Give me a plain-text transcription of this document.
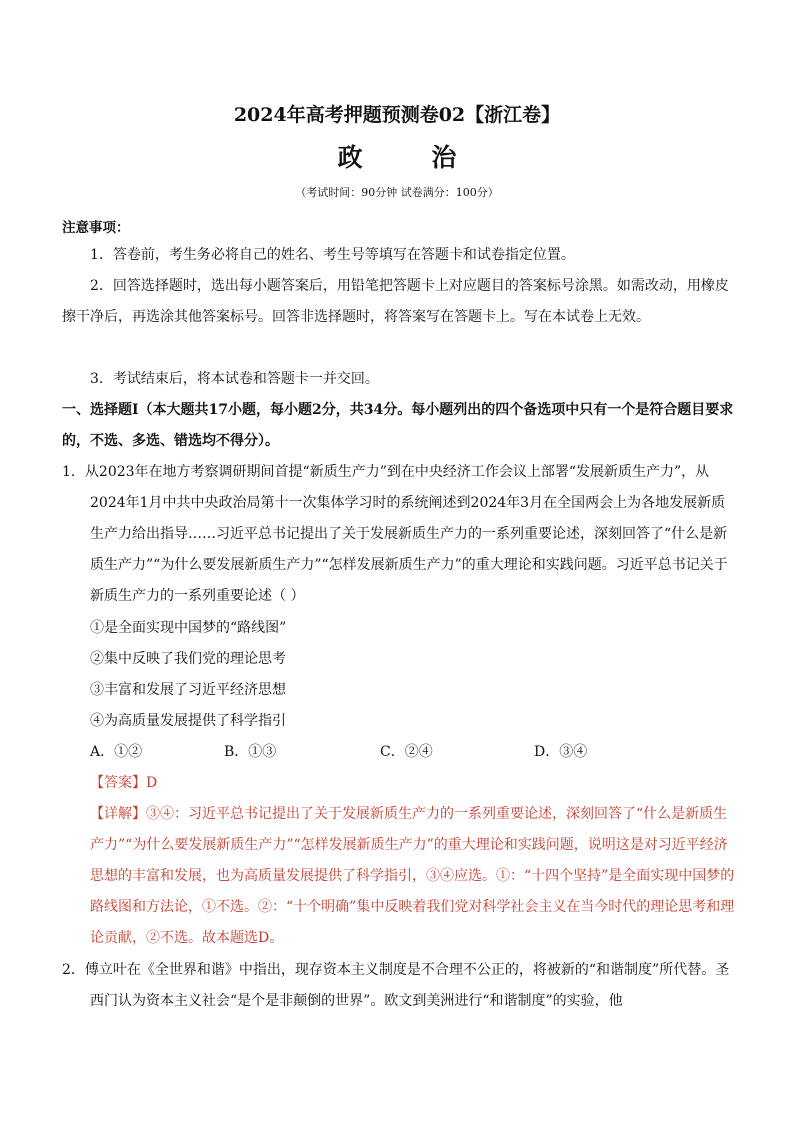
2024年高考押题预测卷02【浙江卷】
政 治
（考试时间：90分钟 试卷满分：100分）
注意事项：
1．答卷前，考生务必将自己的姓名、考生号等填写在答题卡和试卷指定位置。
2．回答选择题时，选出每小题答案后，用铅笔把答题卡上对应题目的答案标号涂黑。如需改动，用橡皮擦干净后，再选涂其他答案标号。回答非选择题时，将答案写在答题卡上。写在本试卷上无效。
3．考试结束后，将本试卷和答题卡一并交回。
一、选择题Ⅰ（本大题共17小题，每小题2分，共34分。每小题列出的四个备选项中只有一个是符合题目要求的，不选、多选、错选均不得分）。
1．从2023年在地方考察调研期间首提“新质生产力”到在中央经济工作会议上部署“发展新质生产力”，从2024年1月中共中央政治局第十一次集体学习时的系统阐述到2024年3月在全国两会上为各地发展新质生产力给出指导……习近平总书记提出了关于发展新质生产力的一系列重要论述，深刻回答了“什么是新质生产力”“为什么要发展新质生产力”“怎样发展新质生产力”的重大理论和实践问题。习近平总书记关于新质生产力的一系列重要论述（ ）
①是全面实现中国梦的“路线图”
②集中反映了我们党的理论思考
③丰富和发展了习近平经济思想
④为高质量发展提供了科学指引
A．①②	B．①③	C．②④	D．③④
【答案】D
【详解】③④：习近平总书记提出了关于发展新质生产力的一系列重要论述，深刻回答了“什么是新质生产力”“为什么要发展新质生产力”“怎样发展新质生产力”的重大理论和实践问题，说明这是对习近平经济思想的丰富和发展，也为高质量发展提供了科学指引，③④应选。①：“十四个坚持”是全面实现中国梦的路线图和方法论，①不选。②：“十个明确”集中反映着我们党对科学社会主义在当今时代的理论思考和理论贡献，②不选。故本题选D。
2．傅立叶在《全世界和谐》中指出，现存资本主义制度是不合理不公正的，将被新的“和谐制度”所代替。圣西门认为资本主义社会“是个是非颠倒的世界”。欧文到美洲进行“和谐制度”的实验，他
